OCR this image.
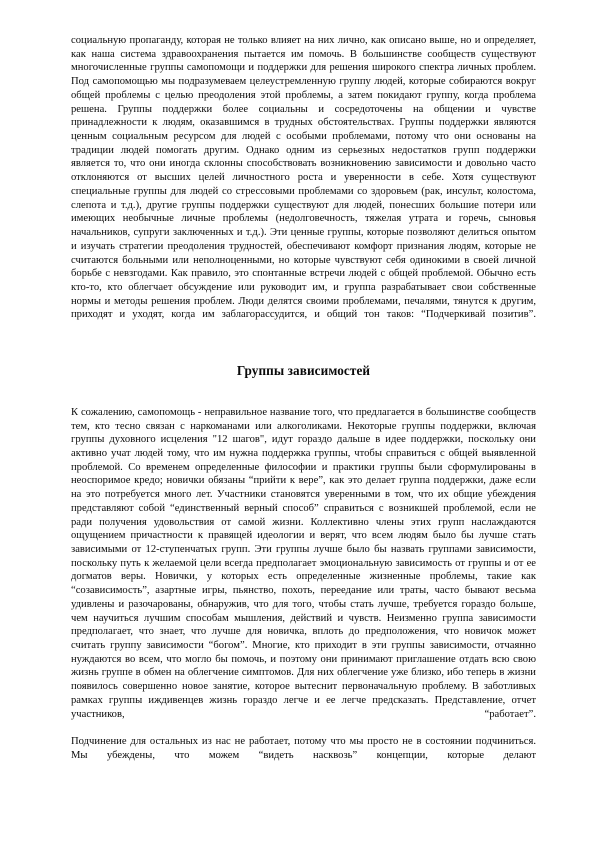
социальную пропаганду, которая не только влияет на них лично, как описано выше, но и определяет, как наша система здравоохранения пытается им помочь. В большинстве сообществ существуют многочисленные группы самопомощи и поддержки для решения широкого спектра личных проблем. Под самопомощью мы подразумеваем целеустремленную группу людей, которые собираются вокруг общей проблемы с целью преодоления этой проблемы, а затем покидают группу, когда проблема решена. Группы поддержки более социальны и сосредоточены на общении и чувстве принадлежности к людям, оказавшимся в трудных обстоятельствах. Группы поддержки являются ценным социальным ресурсом для людей с особыми проблемами, потому что они основаны на традиции людей помогать другим. Однако одним из серьезных недостатков групп поддержки является то, что они иногда склонны способствовать возникновению зависимости и довольно часто отклоняются от высших целей личностного роста и уверенности в себе. Хотя существуют специальные группы для людей со стрессовыми проблемами со здоровьем (рак, инсульт, колостома, слепота и т.д.), другие группы поддержки существуют для людей, понесших большие потери или имеющих необычные личные проблемы (недолговечность, тяжелая утрата и горечь, сыновья начальников, супруги заключенных и т.д.). Эти ценные группы, которые позволяют делиться опытом и изучать стратегии преодоления трудностей, обеспечивают комфорт признания людям, которые не считаются больными или неполноценными, но которые чувствуют себя одинокими в своей личной борьбе с невзгодами. Как правило, это спонтанные встречи людей с общей проблемой. Обычно есть кто-то, кто облегчает обсуждение или руководит им, и группа разрабатывает свои собственные нормы и методы решения проблем. Люди делятся своими проблемами, печалями, тянутся к другим, приходят и уходят, когда им заблагорассудится, и общий тон таков: “Подчеркивай позитив”.

Группы зависимостей

К сожалению, самопомощь - неправильное название того, что предлагается в большинстве сообществ тем, кто тесно связан с наркоманами или алкоголиками. Некоторые группы поддержки, включая группы духовного исцеления "12 шагов", идут гораздо дальше в идее поддержки, поскольку они активно учат людей тому, что им нужна поддержка группы, чтобы справиться с общей выявленной проблемой. Со временем определенные философии и практики группы были сформулированы в неоспоримое кредо; новички обязаны “прийти к вере”, как это делает группа поддержки, даже если на это потребуется много лет. Участники становятся уверенными в том, что их общие убеждения представляют собой “единственный верный способ” справиться с возникшей проблемой, если не ради получения удовольствия от самой жизни. Коллективно члены этих групп наслаждаются ощущением причастности к правящей идеологии и верят, что всем людям было бы лучше стать зависимыми от 12-ступенчатых групп. Эти группы лучше было бы назвать группами зависимости, поскольку путь к желаемой цели всегда предполагает эмоциональную зависимость от группы и от ее догматов веры. Новички, у которых есть определенные жизненные проблемы, такие как “созависимость”, азартные игры, пьянство, похоть, переедание или траты, часто бывают весьма удивлены и разочарованы, обнаружив, что для того, чтобы стать лучше, требуется гораздо больше, чем научиться лучшим способам мышления, действий и чувств. Неизменно группа зависимости предполагает, что знает, что лучше для новичка, вплоть до предположения, что новичок может считать группу зависимости “богом”. Многие, кто приходит в эти группы зависимости, отчаянно нуждаются во всем, что могло бы помочь, и поэтому они принимают приглашение отдать всю свою жизнь группе в обмен на облегчение симптомов. Для них облегчение уже близко, ибо теперь в жизни появилось совершенно новое занятие, которое вытеснит первоначальную проблему. В заботливых рамках группы иждивенцев жизнь гораздо легче и ее легче предсказать. Представление, отчет участников, “работает”.

Подчинение для остальных из нас не работает, потому что мы просто не в состоянии подчиниться. Мы убеждены, что можем “видеть насквозь” концепции, которые делают
